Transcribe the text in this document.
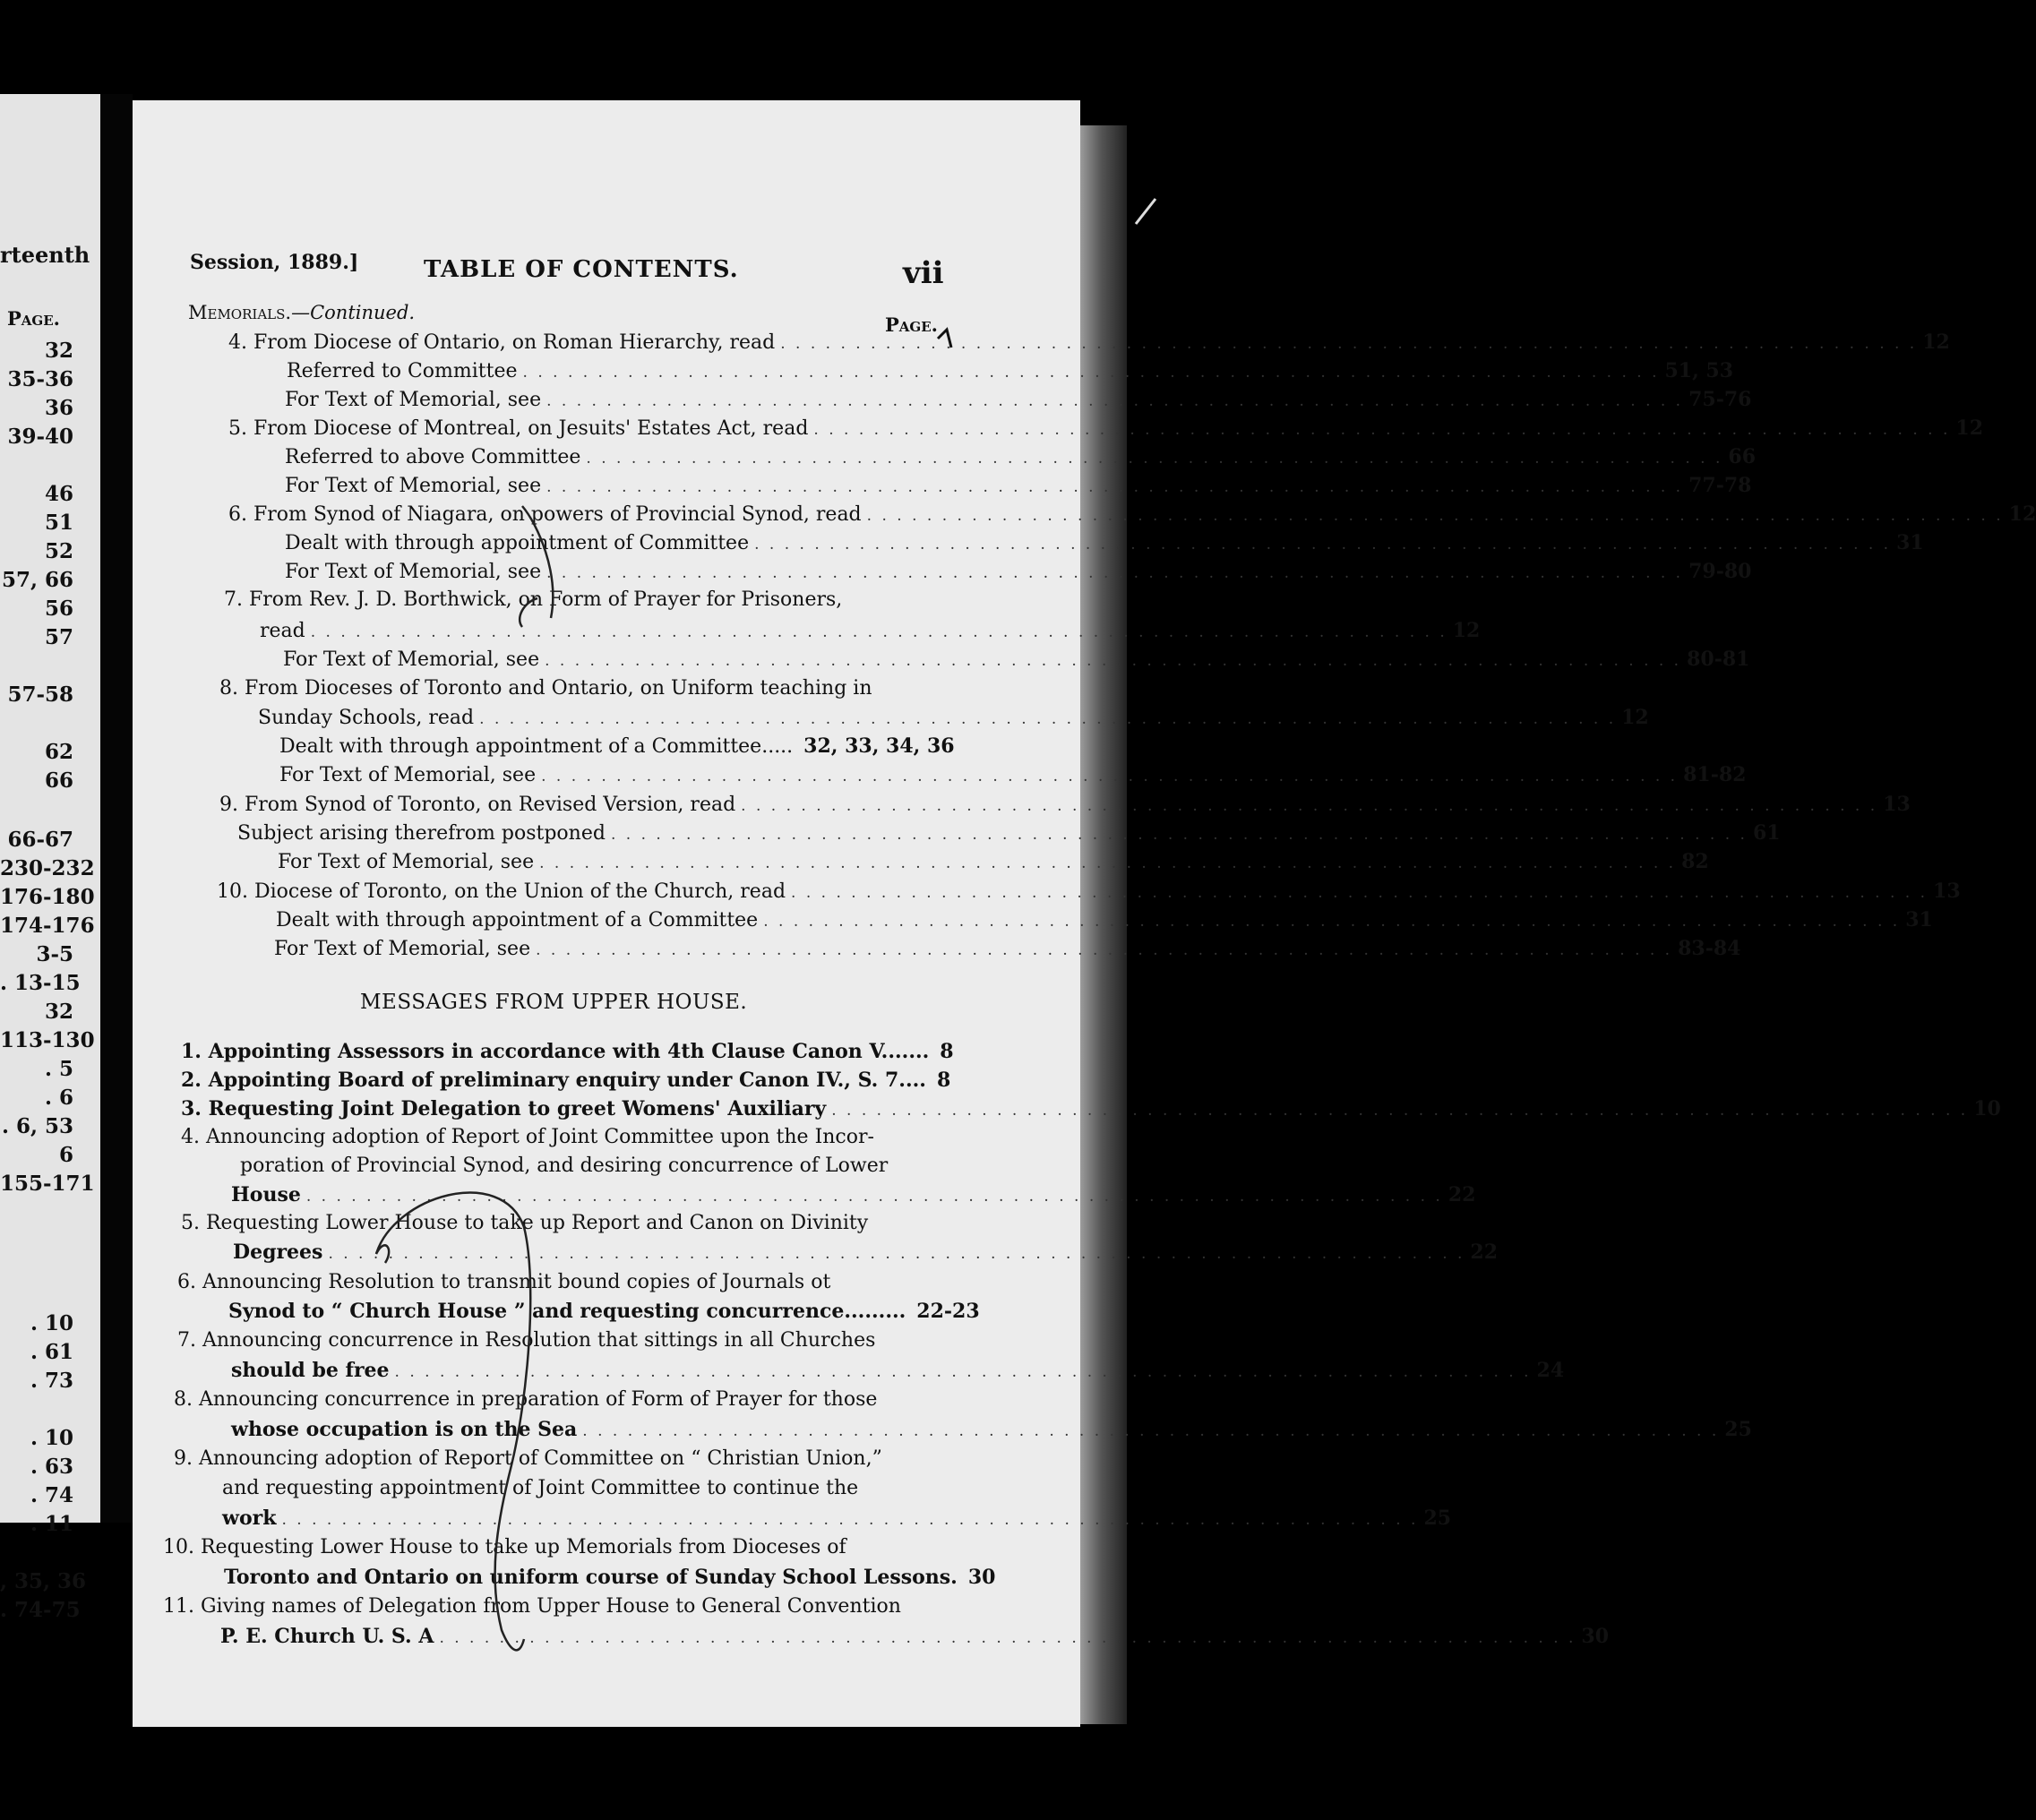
rteenth
Page.
32
35-36
36
39-40
46
51
52
57, 66
56
57
57-58
62
66
66-67
230-232
176-180
174-176
3-5
. 13-15
32
113-130
. 5
. 6
. 6, 53
6
155-171
. 10
. 61
. 73
. 10
. 63
. 74
. 11
, 35, 36
. 74-75
Session, 1889.]	TABLE OF CONTENTS.	vii
Memorials.—Continued.
Page.
4. From Diocese of Ontario, on Roman Hierarchy, read . . . . . . . . . . . . . . . . . . . . . . . . . . . . . . . . . . . . . . . . . . . . . . . . . . . . . . . . . . . . . . . . . . . . . . . . . . . . 12
Referred to Committee . . . . . . . . . . . . . . . . . . . . . . . . . . . . . . . . . . . . . . . . . . . . . . . . . . . . . . . . . . . . . . . . . . . . . . . . . . . . 51, 53
For Text of Memorial, see . . . . . . . . . . . . . . . . . . . . . . . . . . . . . . . . . . . . . . . . . . . . . . . . . . . . . . . . . . . . . . . . . . . . . . . . . . . . 75-76
5. From Diocese of Montreal, on Jesuits' Estates Act, read . . . . . . . . . . . . . . . . . . . . . . . . . . . . . . . . . . . . . . . . . . . . . . . . . . . . . . . . . . . . . . . . . . . . . . . . . . . . 12
Referred to above Committee . . . . . . . . . . . . . . . . . . . . . . . . . . . . . . . . . . . . . . . . . . . . . . . . . . . . . . . . . . . . . . . . . . . . . . . . . . . . 66
For Text of Memorial, see . . . . . . . . . . . . . . . . . . . . . . . . . . . . . . . . . . . . . . . . . . . . . . . . . . . . . . . . . . . . . . . . . . . . . . . . . . . . 77-78
6. From Synod of Niagara, on powers of Provincial Synod, read . . . . . . . . . . . . . . . . . . . . . . . . . . . . . . . . . . . . . . . . . . . . . . . . . . . . . . . . . . . . . . . . . . . . . . . . . . . . 12
Dealt with through appointment of Committee . . . . . . . . . . . . . . . . . . . . . . . . . . . . . . . . . . . . . . . . . . . . . . . . . . . . . . . . . . . . . . . . . . . . . . . . . . . . 31
For Text of Memorial, see . . . . . . . . . . . . . . . . . . . . . . . . . . . . . . . . . . . . . . . . . . . . . . . . . . . . . . . . . . . . . . . . . . . . . . . . . . . . 79-80
7. From Rev. J. D. Borthwick, on Form of Prayer for Prisoners,
read . . . . . . . . . . . . . . . . . . . . . . . . . . . . . . . . . . . . . . . . . . . . . . . . . . . . . . . . . . . . . . . . . . . . . . . . . . . . 12
For Text of Memorial, see . . . . . . . . . . . . . . . . . . . . . . . . . . . . . . . . . . . . . . . . . . . . . . . . . . . . . . . . . . . . . . . . . . . . . . . . . . . . 80-81
8. From Dioceses of Toronto and Ontario, on Uniform teaching in
Sunday Schools, read . . . . . . . . . . . . . . . . . . . . . . . . . . . . . . . . . . . . . . . . . . . . . . . . . . . . . . . . . . . . . . . . . . . . . . . . . . . . 12
Dealt with through appointment of a Committee..... 32, 33, 34, 36
For Text of Memorial, see . . . . . . . . . . . . . . . . . . . . . . . . . . . . . . . . . . . . . . . . . . . . . . . . . . . . . . . . . . . . . . . . . . . . . . . . . . . . 81-82
9. From Synod of Toronto, on Revised Version, read . . . . . . . . . . . . . . . . . . . . . . . . . . . . . . . . . . . . . . . . . . . . . . . . . . . . . . . . . . . . . . . . . . . . . . . . . . . . 13
Subject arising therefrom postponed . . . . . . . . . . . . . . . . . . . . . . . . . . . . . . . . . . . . . . . . . . . . . . . . . . . . . . . . . . . . . . . . . . . . . . . . . . . . 61
For Text of Memorial, see . . . . . . . . . . . . . . . . . . . . . . . . . . . . . . . . . . . . . . . . . . . . . . . . . . . . . . . . . . . . . . . . . . . . . . . . . . . . 82
10. Diocese of Toronto, on the Union of the Church, read . . . . . . . . . . . . . . . . . . . . . . . . . . . . . . . . . . . . . . . . . . . . . . . . . . . . . . . . . . . . . . . . . . . . . . . . . . . . 13
Dealt with through appointment of a Committee . . . . . . . . . . . . . . . . . . . . . . . . . . . . . . . . . . . . . . . . . . . . . . . . . . . . . . . . . . . . . . . . . . . . . . . . . . . . 31
For Text of Memorial, see . . . . . . . . . . . . . . . . . . . . . . . . . . . . . . . . . . . . . . . . . . . . . . . . . . . . . . . . . . . . . . . . . . . . . . . . . . . . 83-84
MESSAGES FROM UPPER HOUSE.
1. Appointing Assessors in accordance with 4th Clause Canon V....... 8
2. Appointing Board of preliminary enquiry under Canon IV., S. 7.... 8
3. Requesting Joint Delegation to greet Womens' Auxiliary . . . . . . . . . . . . . . . . . . . . . . . . . . . . . . . . . . . . . . . . . . . . . . . . . . . . . . . . . . . . . . . . . . . . . . . . . . . . 10
4. Announcing adoption of Report of Joint Committee upon the Incor-
poration of Provincial Synod, and desiring concurrence of Lower
House . . . . . . . . . . . . . . . . . . . . . . . . . . . . . . . . . . . . . . . . . . . . . . . . . . . . . . . . . . . . . . . . . . . . . . . . . . . . 22
5. Requesting Lower House to take up Report and Canon on Divinity
Degrees . . . . . . . . . . . . . . . . . . . . . . . . . . . . . . . . . . . . . . . . . . . . . . . . . . . . . . . . . . . . . . . . . . . . . . . . . . . . 22
6. Announcing Resolution to transmit bound copies of Journals ot
Synod to “ Church House ” and requesting concurrence......... 22-23
7. Announcing concurrence in Resolution that sittings in all Churches
should be free . . . . . . . . . . . . . . . . . . . . . . . . . . . . . . . . . . . . . . . . . . . . . . . . . . . . . . . . . . . . . . . . . . . . . . . . . . . . 24
8. Announcing concurrence in preparation of Form of Prayer for those
whose occupation is on the Sea . . . . . . . . . . . . . . . . . . . . . . . . . . . . . . . . . . . . . . . . . . . . . . . . . . . . . . . . . . . . . . . . . . . . . . . . . . . . 25
9. Announcing adoption of Report of Committee on “ Christian Union,”
and requesting appointment of Joint Committee to continue the
work . . . . . . . . . . . . . . . . . . . . . . . . . . . . . . . . . . . . . . . . . . . . . . . . . . . . . . . . . . . . . . . . . . . . . . . . . . . . 25
10. Requesting Lower House to take up Memorials from Dioceses of
Toronto and Ontario on uniform course of Sunday School Lessons. 30
11. Giving names of Delegation from Upper House to General Convention
P. E. Church U. S. A . . . . . . . . . . . . . . . . . . . . . . . . . . . . . . . . . . . . . . . . . . . . . . . . . . . . . . . . . . . . . . . . . . . . . . . . . . . . 30
